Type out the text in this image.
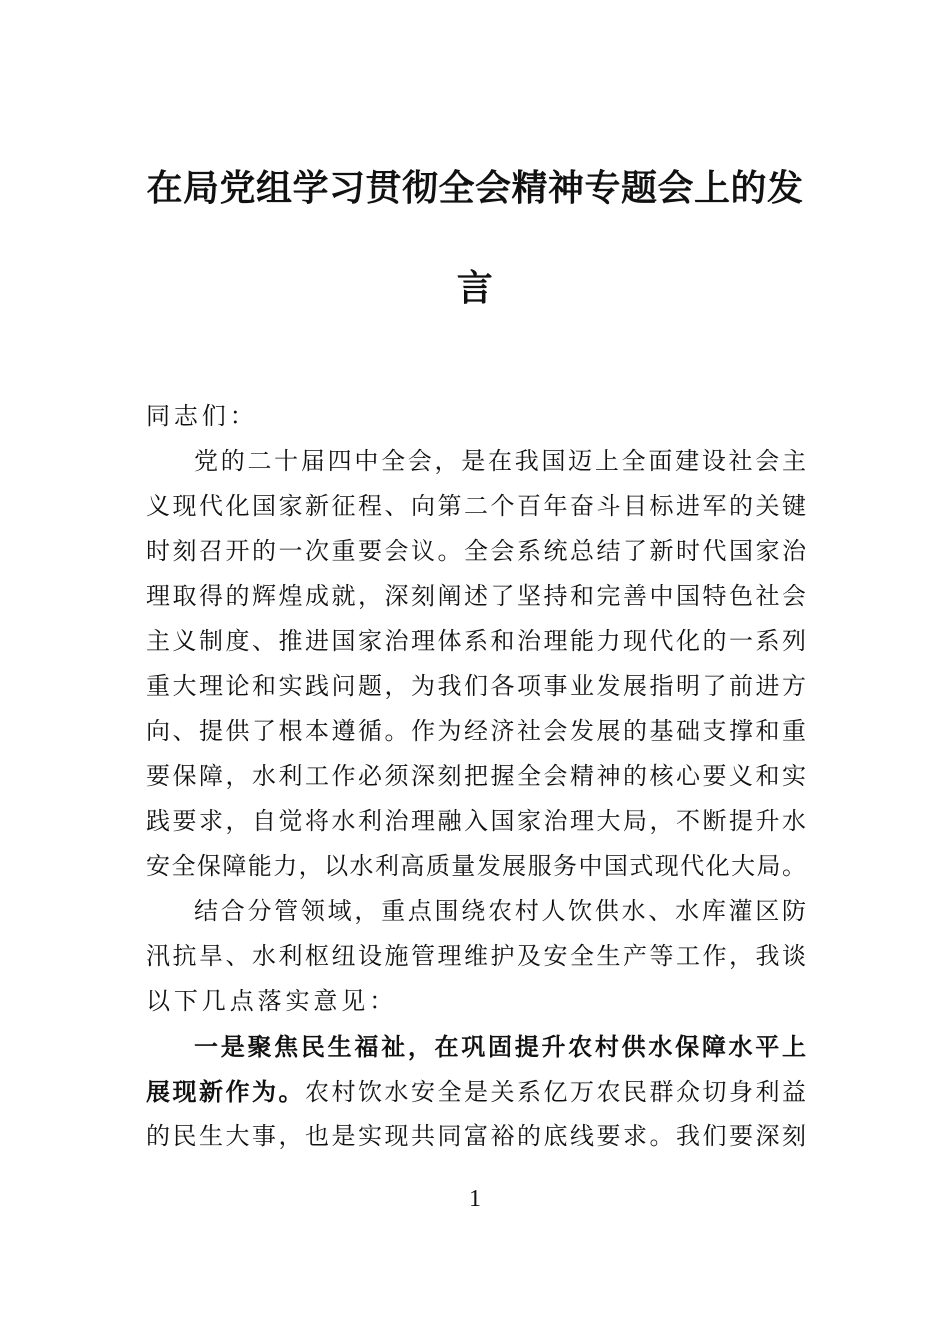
在局党组学习贯彻全会精神专题会上的发
言
同志们：
党的二十届四中全会，是在我国迈上全面建设社会主
义现代化国家新征程、向第二个百年奋斗目标进军的关键
时刻召开的一次重要会议。全会系统总结了新时代国家治
理取得的辉煌成就，深刻阐述了坚持和完善中国特色社会
主义制度、推进国家治理体系和治理能力现代化的一系列
重大理论和实践问题，为我们各项事业发展指明了前进方
向、提供了根本遵循。作为经济社会发展的基础支撑和重
要保障，水利工作必须深刻把握全会精神的核心要义和实
践要求，自觉将水利治理融入国家治理大局，不断提升水
安全保障能力，以水利高质量发展服务中国式现代化大局。
结合分管领域，重点围绕农村人饮供水、水库灌区防
汛抗旱、水利枢纽设施管理维护及安全生产等工作，我谈
以下几点落实意见：
一是聚焦民生福祉，在巩固提升农村供水保障水平上
展现新作为。农村饮水安全是关系亿万农民群众切身利益
的民生大事，也是实现共同富裕的底线要求。我们要深刻
1
